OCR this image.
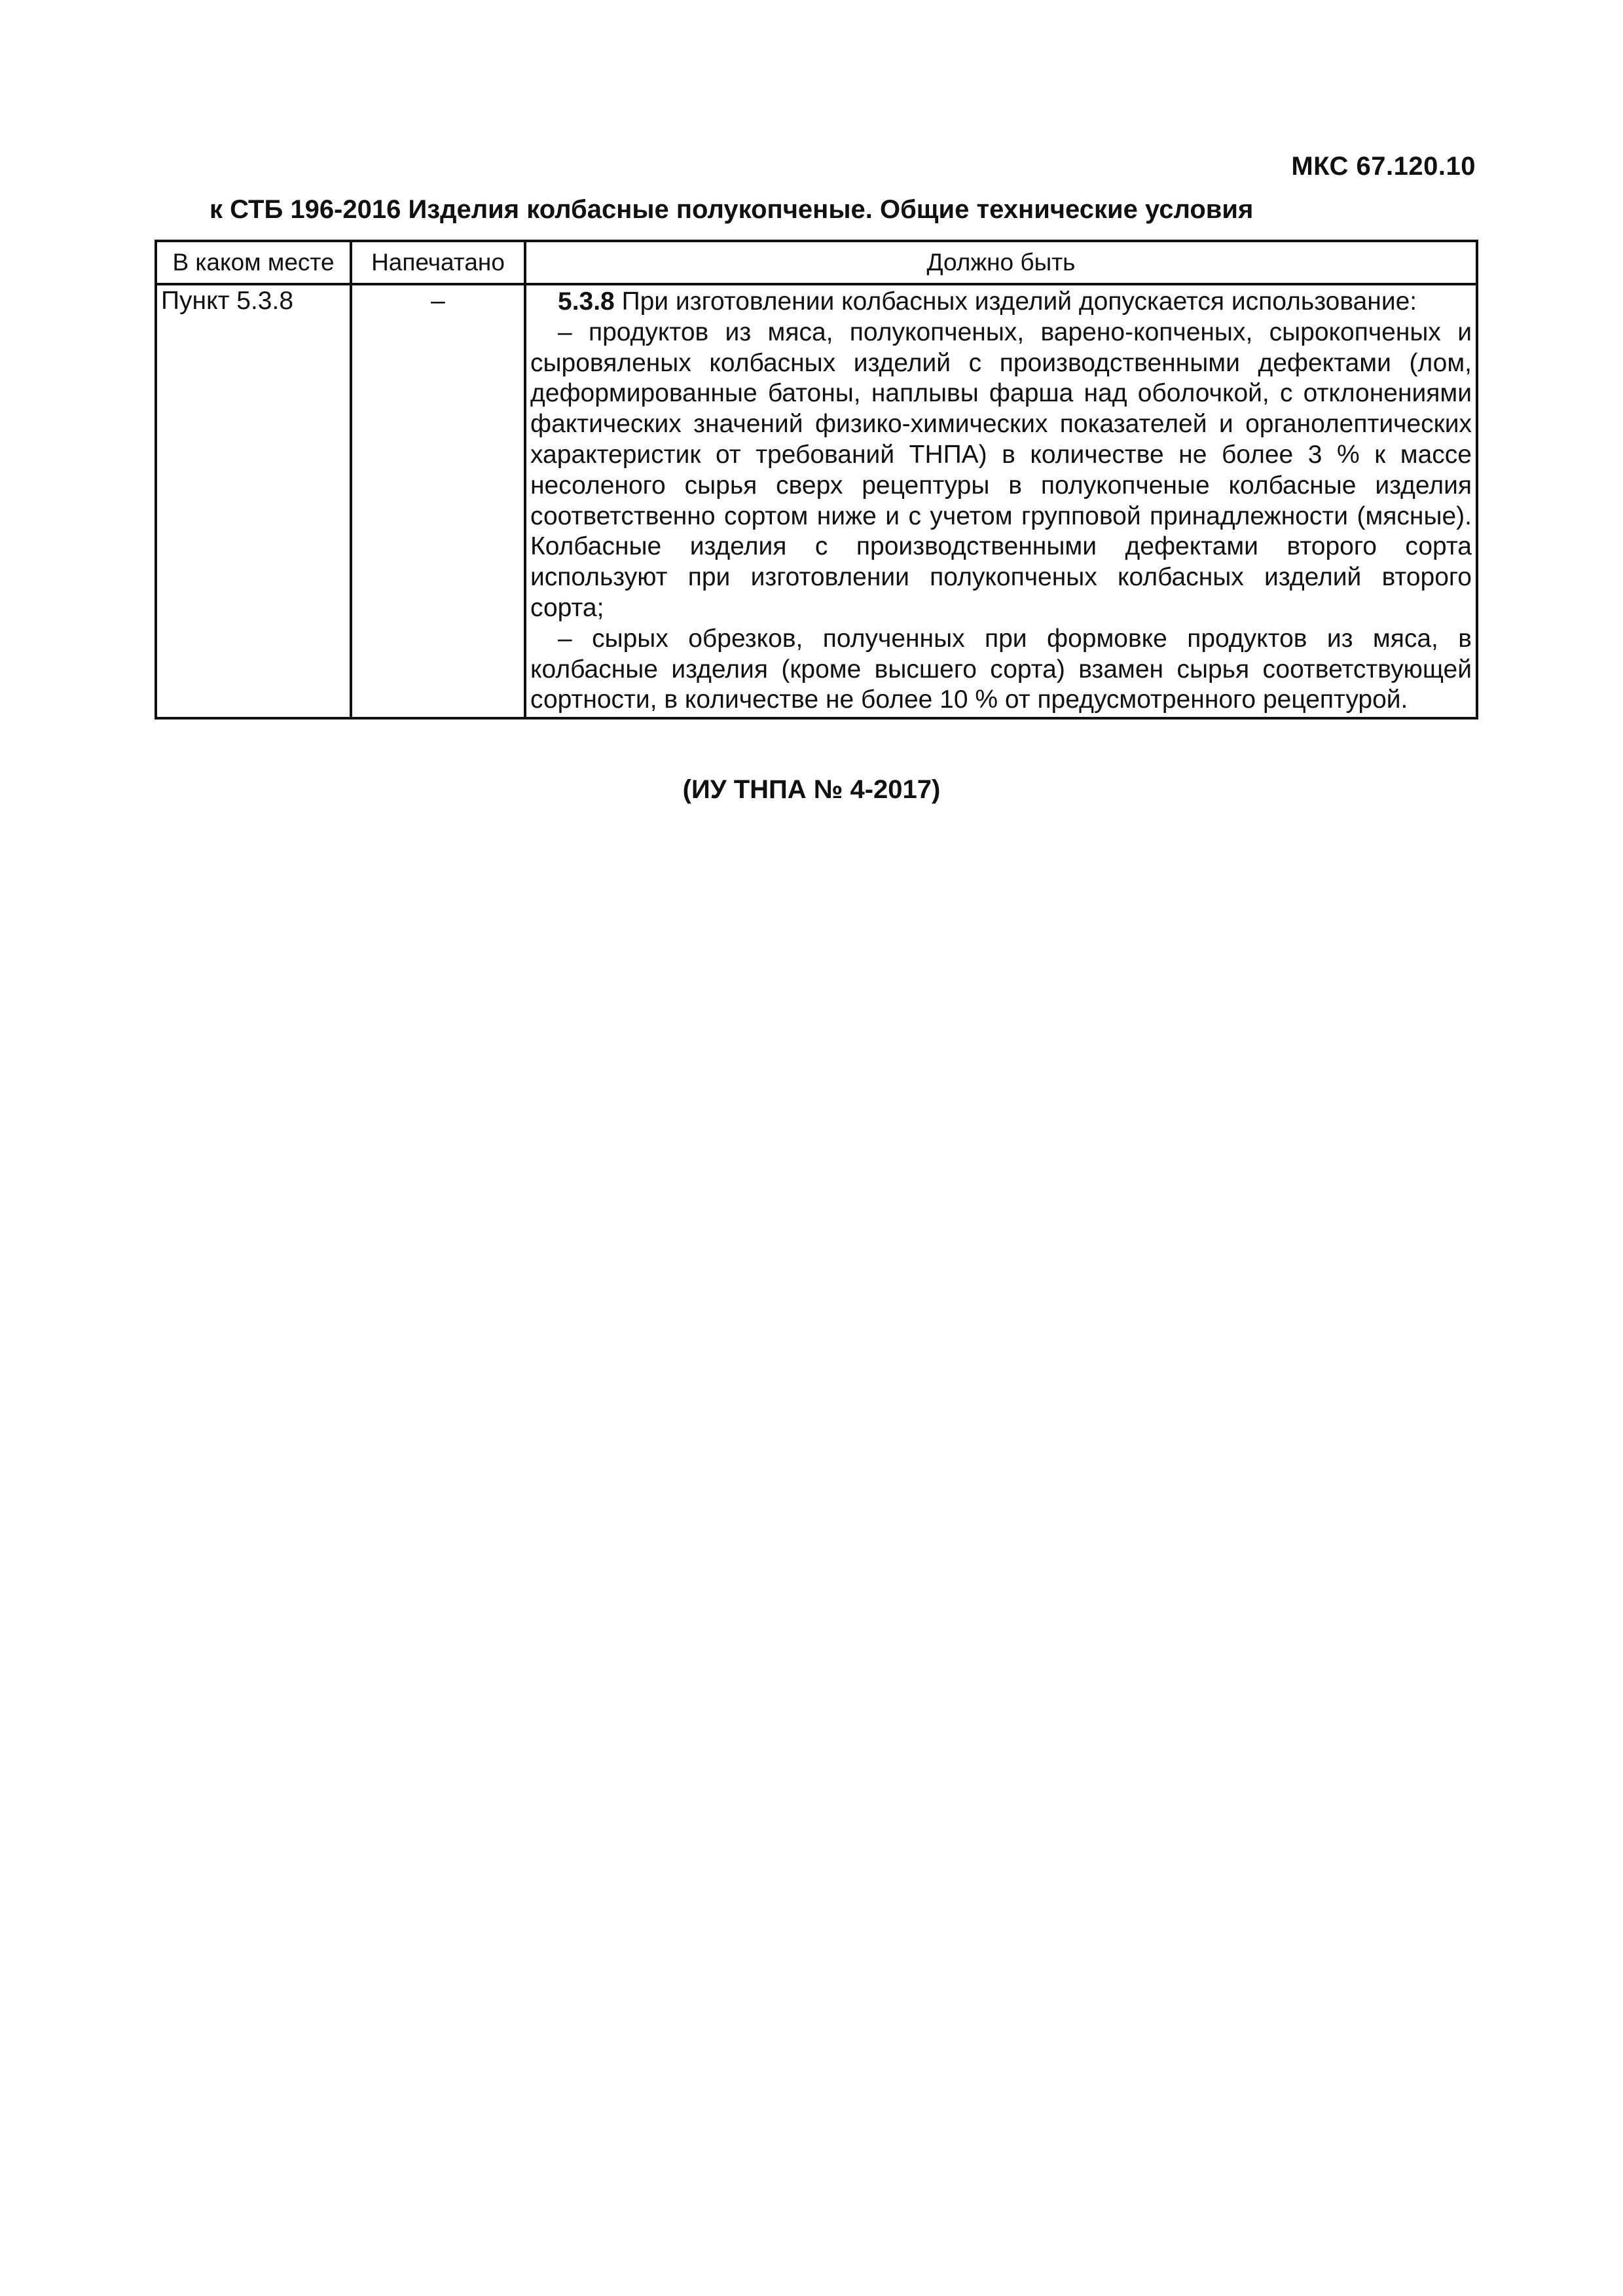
МКС 67.120.10
к СТБ 196-2016 Изделия колбасные полукопченые. Общие технические условия
В каком месте	Напечатано	Должно быть
Пункт 5.3.8	–	5.3.8 При изготовлении колбасных изделий допускается использование:

– продуктов из мяса, полукопченых, варено-копченых, сырокопченых и сыровяленых колбасных изделий с производственными дефектами (лом, деформированные батоны, наплывы фарша над оболочкой, с отклонениями фактических значений физико-химических показателей и органолептических характеристик от требований ТНПА) в количестве не более 3 % к массе несоленого сырья сверх рецептуры в полукопченые колбасные изделия соответственно сортом ниже и с учетом групповой принадлежности (мясные). Колбасные изделия с производственными дефектами второго сорта используют при изготовлении полукопченых колбасных изделий второго сорта;

– сырых обрезков, полученных при формовке продуктов из мяса, в колбасные изделия (кроме высшего сорта) взамен сырья соответствующей сортности, в количестве не более 10 % от предусмотренного рецептурой.

(ИУ ТНПА № 4-2017)
